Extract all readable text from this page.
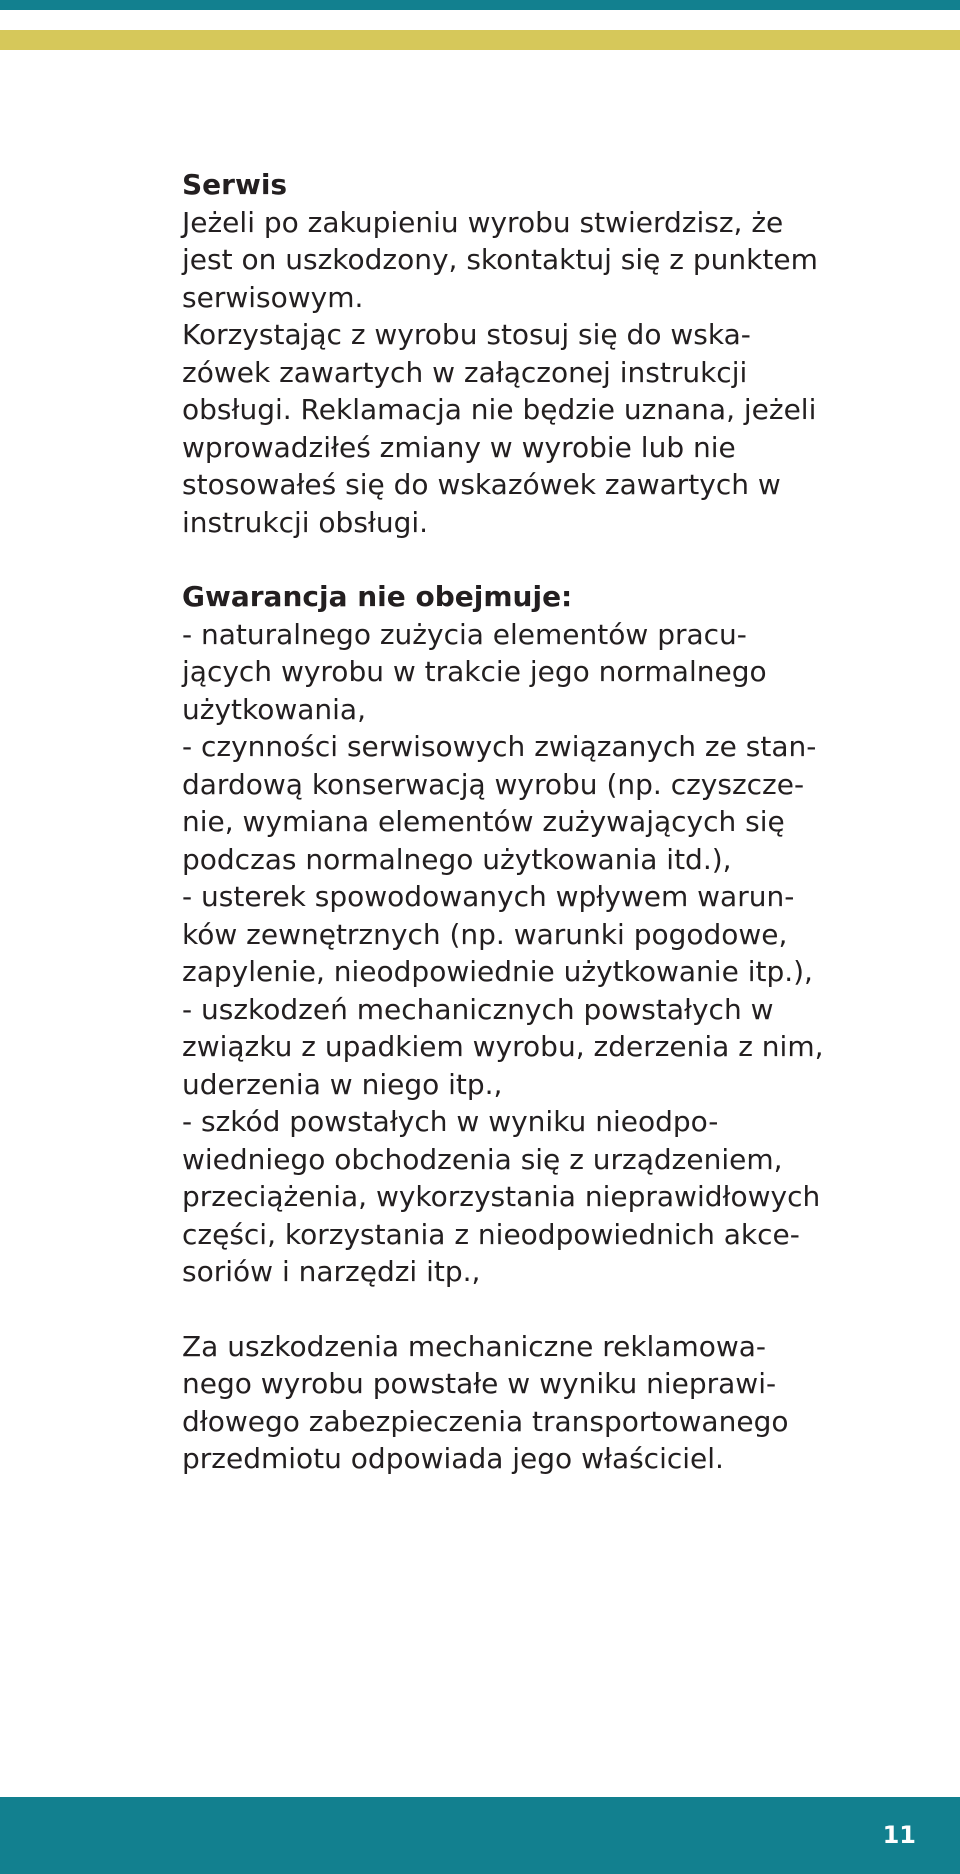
Serwis
Jeżeli po zakupieniu wyrobu stwierdzisz, że
jest on uszkodzony, skontaktuj się z punktem
serwisowym.
Korzystając z wyrobu stosuj się do wska-
zówek zawartych w załączonej instrukcji
obsługi. Reklamacja nie będzie uznana, jeżeli
wprowadziłeś zmiany w wyrobie lub nie
stosowałeś się do wskazówek zawartych w
instrukcji obsługi.
Gwarancja nie obejmuje:
- naturalnego zużycia elementów pracu-
jących wyrobu w trakcie jego normalnego
użytkowania,
- czynności serwisowych związanych ze stan-
dardową konserwacją wyrobu (np. czyszcze-
nie, wymiana elementów zużywających się
podczas normalnego użytkowania itd.),
- usterek spowodowanych wpływem warun-
ków zewnętrznych (np. warunki pogodowe,
zapylenie, nieodpowiednie użytkowanie itp.),
- uszkodzeń mechanicznych powstałych w
związku z upadkiem wyrobu, zderzenia z nim,
uderzenia w niego itp.,
- szkód powstałych w wyniku nieodpo-
wiedniego obchodzenia się z urządzeniem,
przeciążenia, wykorzystania nieprawidłowych
części, korzystania z nieodpowiednich akce-
soriów i narzędzi itp.,
Za uszkodzenia mechaniczne reklamowa-
nego wyrobu powstałe w wyniku nieprawi-
dłowego zabezpieczenia transportowanego
przedmiotu odpowiada jego właściciel.
11
